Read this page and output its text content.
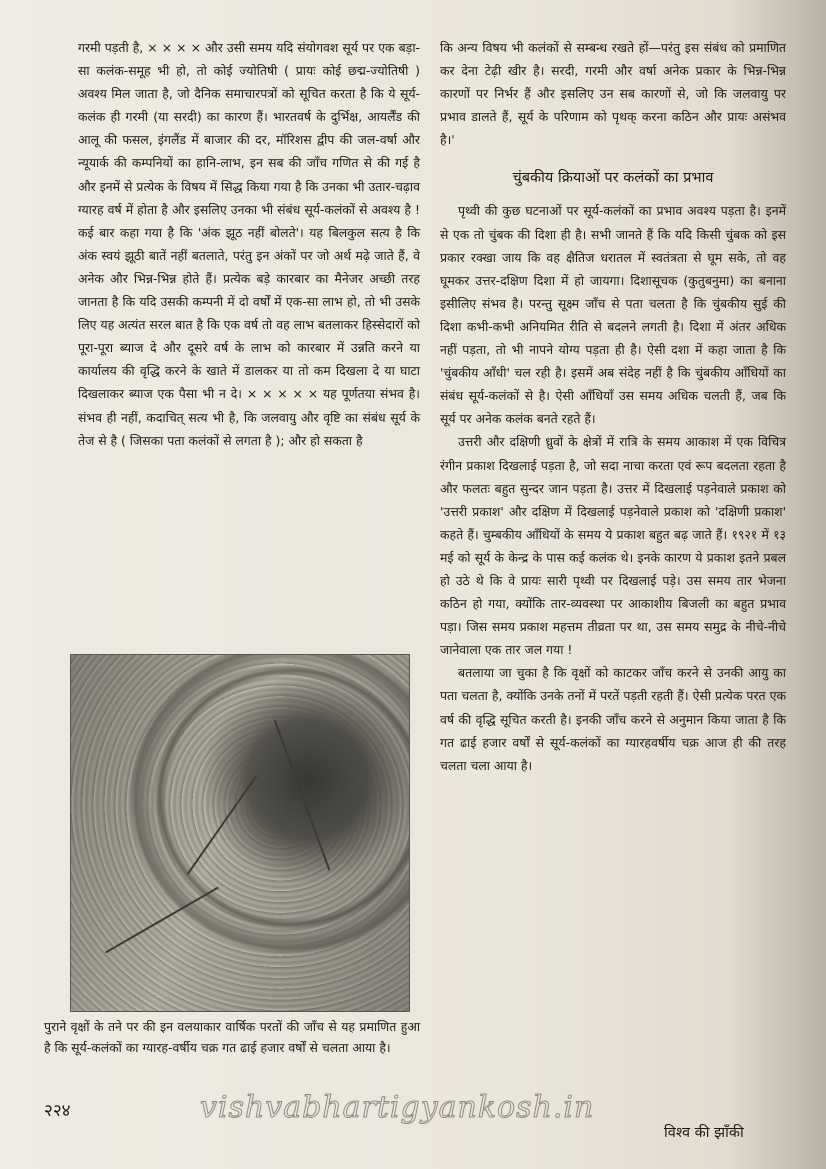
गरमी पड़ती है, × × × × और उसी समय यदि संयोगवश सूर्य पर एक बड़ा-सा कलंक-समूह भी हो, तो कोई ज्योतिषी ( प्रायः कोई छद्म-ज्योतिषी ) अवश्य मिल जाता है, जो दैनिक समाचारपत्रों को सूचित करता है कि ये सूर्य-कलंक ही गरमी (या सरदी) का कारण हैं। भारतवर्ष के दुर्भिक्ष, आयर्लैंड की आलू की फसल, इंगलैंड में बाजार की दर, मॉरिशस द्वीप की जल-वर्षा और न्यूयार्क की कम्पनियों का हानि-लाभ, इन सब की जाँच गणित से की गई है और इनमें से प्रत्येक के विषय में सिद्ध किया गया है कि उनका भी उतार-चढ़ाव ग्यारह वर्ष में होता है और इसलिए उनका भी संबंध सूर्य-कलंकों से अवश्य है ! कई बार कहा गया है कि 'अंक झूठ नहीं बोलते'। यह बिलकुल सत्य है कि अंक स्वयं झूठी बातें नहीं बतलाते, परंतु इन अंकों पर जो अर्थ मढ़े जाते हैं, वे अनेक और भिन्न-भिन्न होते हैं। प्रत्येक बड़े कारबार का मैनेजर अच्छी तरह जानता है कि यदि उसकी कम्पनी में दो वर्षों में एक-सा लाभ हो, तो भी उसके लिए यह अत्यंत सरल बात है कि एक वर्ष तो वह लाभ बतलाकर हिस्सेदारों को पूरा-पूरा ब्याज दे और दूसरे वर्ष के लाभ को कारबार में उन्नति करने या कार्यालय की वृद्धि करने के खाते में डालकर या तो कम दिखला दे या घाटा दिखलाकर ब्याज एक पैसा भी न दे। × × × × × यह पूर्णतया संभव है। संभव ही नहीं, कदाचित् सत्य भी है, कि जलवायु और वृष्टि का संबंध सूर्य के तेज से है ( जिसका पता कलंकों से लगता है ); और हो सकता है

पुराने वृक्षों के तने पर की इन वलयाकार वार्षिक परतों की जाँच से यह प्रमाणित हुआ है कि सूर्य-कलंकों का ग्यारह-वर्षीय चक्र गत ढाई हजार वर्षों से चलता आया है।

कि अन्य विषय भी कलंकों से सम्बन्ध रखते हों—परंतु इस संबंध को प्रमाणित कर देना टेढ़ी खीर है। सरदी, गरमी और वर्षा अनेक प्रकार के भिन्न-भिन्न कारणों पर निर्भर हैं और इसलिए उन सब कारणों से, जो कि जलवायु पर प्रभाव डालते हैं, सूर्य के परिणाम को पृथक् करना कठिन और प्रायः असंभव है।'

चुंबकीय क्रियाओं पर कलंकों का प्रभाव

पृथ्वी की कुछ घटनाओं पर सूर्य-कलंकों का प्रभाव अवश्य पड़ता है। इनमें से एक तो चुंबक की दिशा ही है। सभी जानते हैं कि यदि किसी चुंबक को इस प्रकार रक्खा जाय कि वह क्षैतिज धरातल में स्वतंत्रता से घूम सके, तो वह घूमकर उत्तर-दक्षिण दिशा में हो जायगा। दिशासूचक (कुतुबनुमा) का बनाना इसीलिए संभव है। परन्तु सूक्ष्म जाँच से पता चलता है कि चुंबकीय सुई की दिशा कभी-कभी अनियमित रीति से बदलने लगती है। दिशा में अंतर अधिक नहीं पड़ता, तो भी नापने योग्य पड़ता ही है। ऐसी दशा में कहा जाता है कि 'चुंबकीय आँधी' चल रही है। इसमें अब संदेह नहीं है कि चुंबकीय आँधियों का संबंध सूर्य-कलंकों से है। ऐसी आँधियाँ उस समय अधिक चलती हैं, जब कि सूर्य पर अनेक कलंक बनते रहते हैं।

उत्तरी और दक्षिणी ध्रुवों के क्षेत्रों में रात्रि के समय आकाश में एक विचित्र रंगीन प्रकाश दिखलाई पड़ता है, जो सदा नाचा करता एवं रूप बदलता रहता है और फलतः बहुत सुन्दर जान पड़ता है। उत्तर में दिखलाई पड़नेवाले प्रकाश को 'उत्तरी प्रकाश' और दक्षिण में दिखलाई पड़नेवाले प्रकाश को 'दक्षिणी प्रकाश' कहते हैं। चुम्बकीय आँधियों के समय ये प्रकाश बहुत बढ़ जाते हैं। १९२१ में १३ मई को सूर्य के केन्द्र के पास कई कलंक थे। इनके कारण ये प्रकाश इतने प्रबल हो उठे थे कि वे प्रायः सारी पृथ्वी पर दिखलाई पड़े। उस समय तार भेजना कठिन हो गया, क्योंकि तार-व्यवस्था पर आकाशीय बिजली का बहुत प्रभाव पड़ा। जिस समय प्रकाश महत्तम तीव्रता पर था, उस समय समुद्र के नीचे-नीचे जानेवाला एक तार जल गया !

बतलाया जा चुका है कि वृक्षों को काटकर जाँच करने से उनकी आयु का पता चलता है, क्योंकि उनके तनों में परतें पड़ती रहती हैं। ऐसी प्रत्येक परत एक वर्ष की वृद्धि सूचित करती है। इनकी जाँच करने से अनुमान किया जाता है कि गत ढाई हजार वर्षों से सूर्य-कलंकों का ग्यारहवर्षीय चक्र आज ही की तरह चलता चला आया है।

२२४	vishvabhartigyankosh.in
विश्व की झाँकी
